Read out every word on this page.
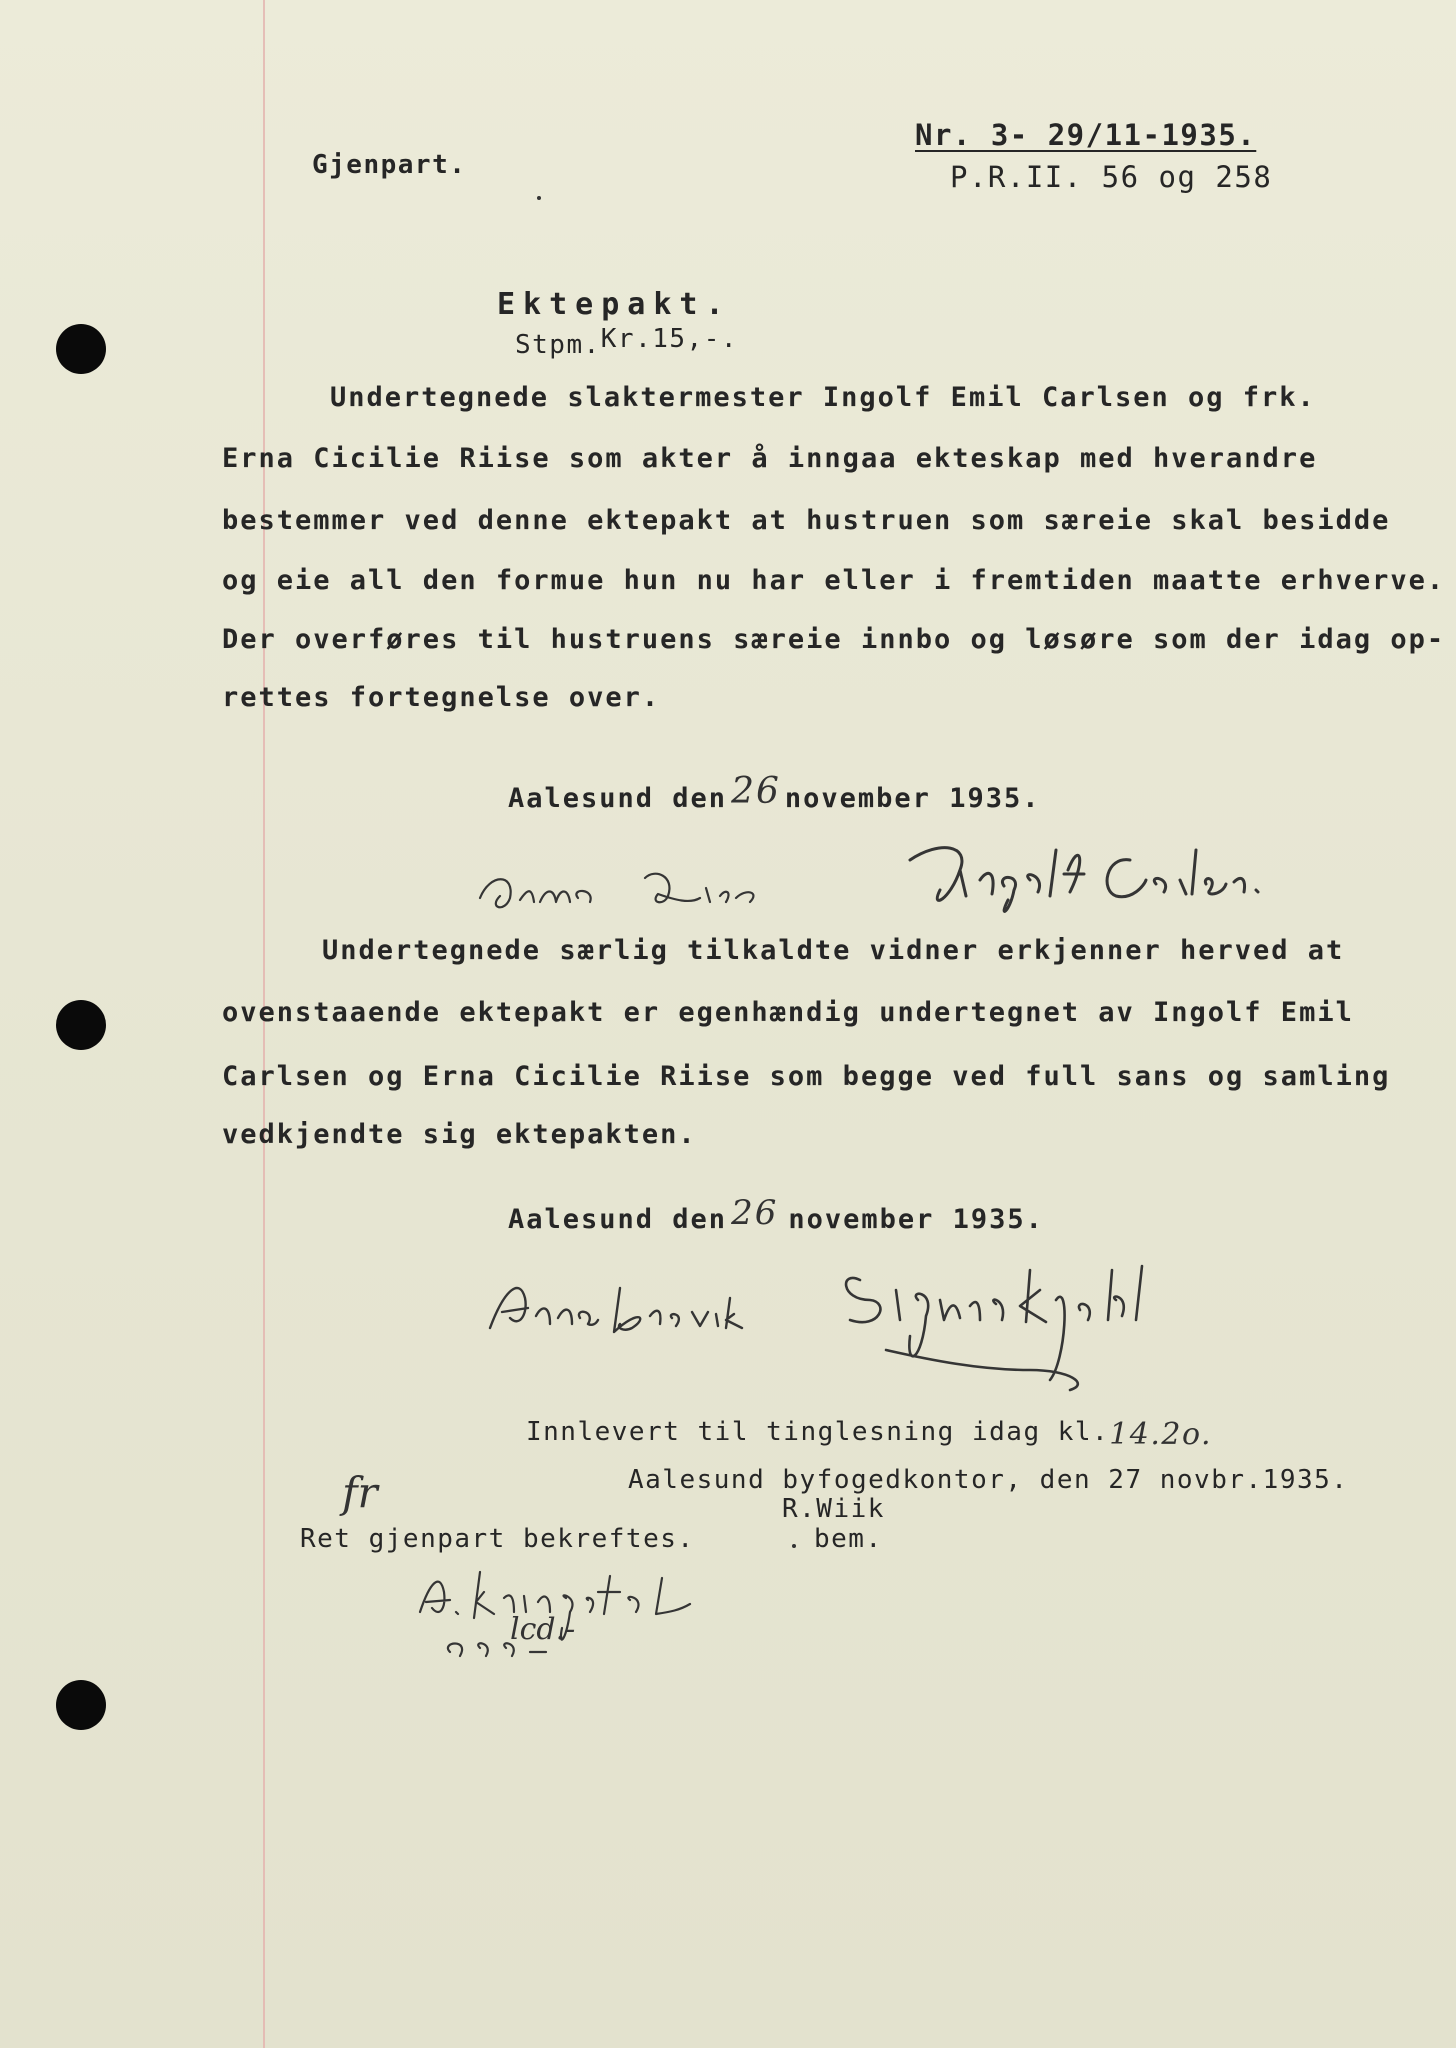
Gjenpart.
Nr. 3- 29/11-1935.
P.R.II. 56 og 258
Ektepakt.
Stpm.Kr.15,-.
Undertegnede slaktermester Ingolf Emil Carlsen og frk.
Erna Cicilie Riise som akter å inngaa ekteskap med hverandre
bestemmer ved denne ektepakt at hustruen som særeie skal besidde
og eie all den formue hun nu har eller i fremtiden maatte erhverve.
Der overføres til hustruens særeie innbo og løsøre som der idag op-
rettes fortegnelse over.
Aalesund den 26 november 1935.
Undertegnede særlig tilkaldte vidner erkjenner herved at
ovenstaaende ektepakt er egenhændig undertegnet av Ingolf Emil
Carlsen og Erna Cicilie Riise som begge ved full sans og samling
vedkjendte sig ektepakten.
Aalesund den 26 november 1935.
Innlevert til tinglesning idag kl. 14.2o.
Aalesund byfogedkontor, den 27 novbr.1935.
R.Wiik
bem.
fr
Ret gjenpart bekreftes.
lcd.-
